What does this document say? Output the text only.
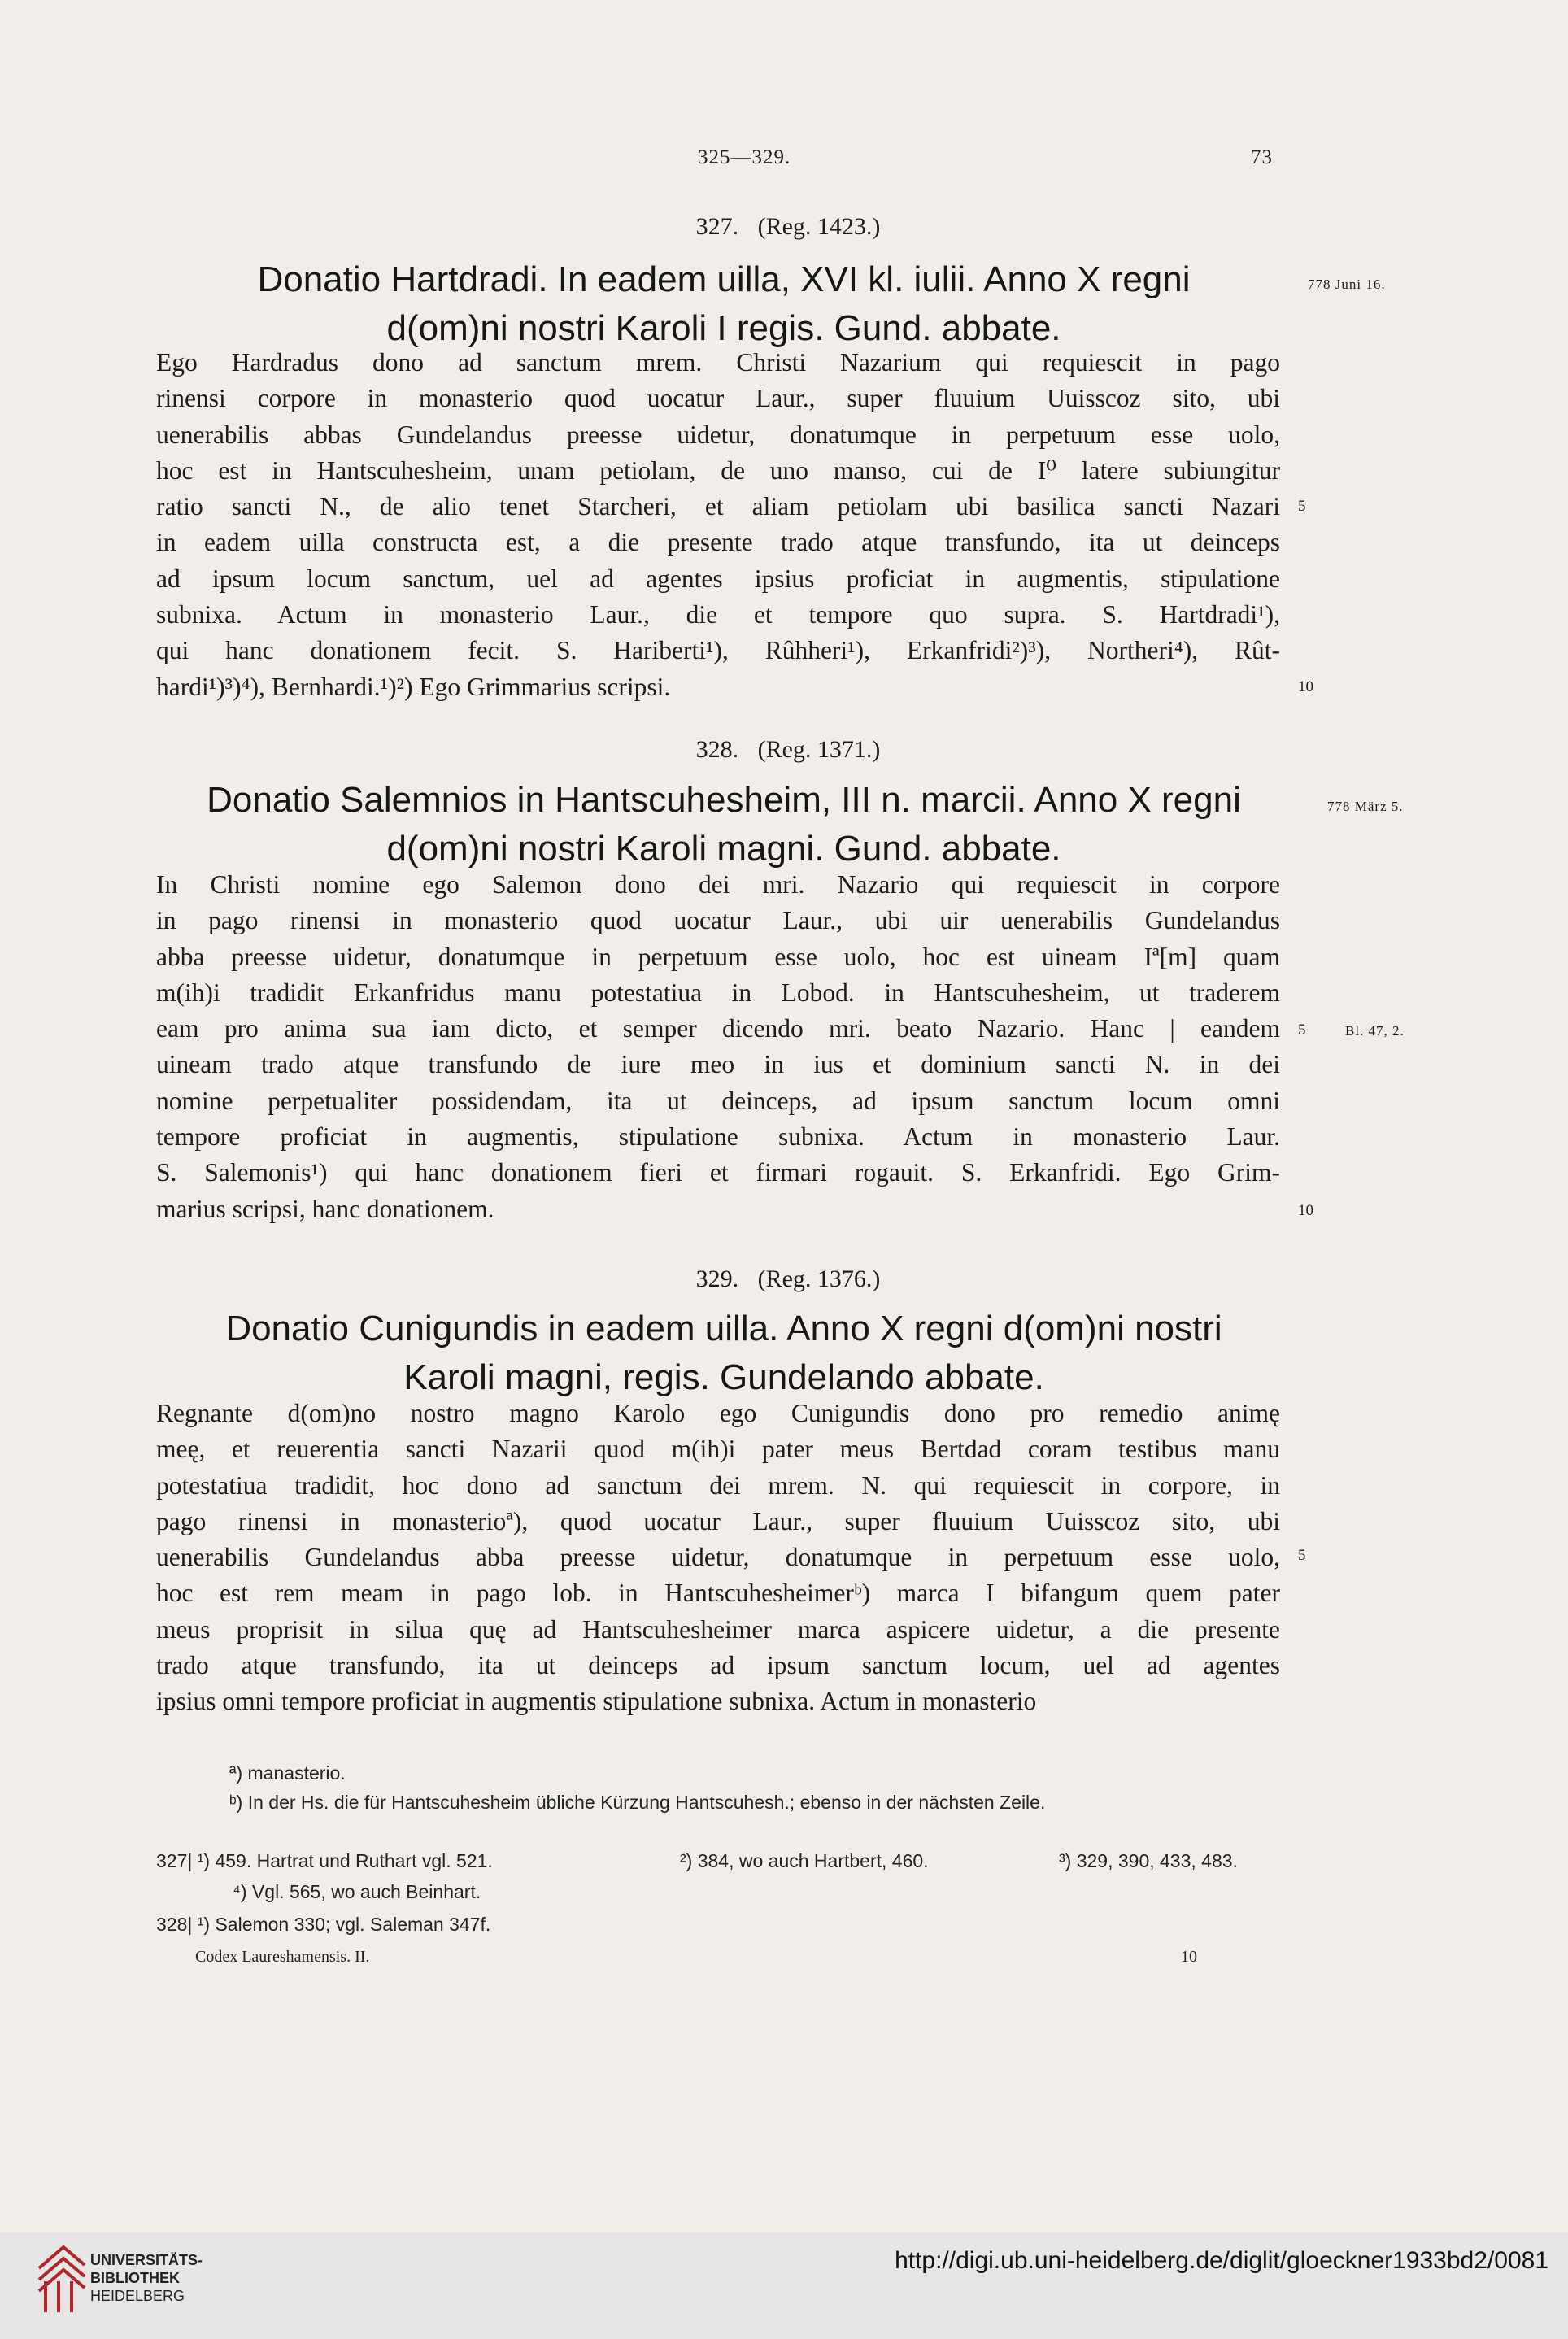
325—329.	73
327. (Reg. 1423.)
Donatio Hartdradi. In eadem uilla, XVI kl. iulii. Anno X regni
d(om)ni nostri Karoli I regis. Gund. abbate.
778 Juni 16.
Ego Hardradus dono ad sanctum mrem. Christi Nazarium qui requiescit in pago
rinensi corpore in monasterio quod uocatur Laur., super fluuium Uuisscoz sito, ubi
uenerabilis abbas Gundelandus preesse uidetur, donatumque in perpetuum esse uolo,
hoc est in Hantscuhesheim, unam petiolam, de uno manso, cui de I⁰ latere subiungitur
ratio sancti N., de alio tenet Starcheri, et aliam petiolam ubi basilica sancti Nazari
in eadem uilla constructa est, a die presente trado atque transfundo, ita ut deinceps
ad ipsum locum sanctum, uel ad agentes ipsius proficiat in augmentis, stipulatione
subnixa. Actum in monasterio Laur., die et tempore quo supra. S. Hartdradi¹),
qui hanc donationem fecit. S. Hariberti¹), Rûhheri¹), Erkanfridi²)³), Northeri⁴), Rût-
hardi¹)³)⁴), Bernhardi.¹)²) Ego Grimmarius scripsi.
5
10
328. (Reg. 1371.)
Donatio Salemnios in Hantscuhesheim, III n. marcii. Anno X regni
d(om)ni nostri Karoli magni. Gund. abbate.
778 März 5.
In Christi nomine ego Salemon dono dei mri. Nazario qui requiescit in corpore
in pago rinensi in monasterio quod uocatur Laur., ubi uir uenerabilis Gundelandus
abba preesse uidetur, donatumque in perpetuum esse uolo, hoc est uineam Iª[m] quam
m(ih)i tradidit Erkanfridus manu potestatiua in Lobod. in Hantscuhesheim, ut traderem
eam pro anima sua iam dicto, et semper dicendo mri. beato Nazario. Hanc | eandem
uineam trado atque transfundo de iure meo in ius et dominium sancti N. in dei
nomine perpetualiter possidendam, ita ut deinceps, ad ipsum sanctum locum omni
tempore proficiat in augmentis, stipulatione subnixa. Actum in monasterio Laur.
S. Salemonis¹) qui hanc donationem fieri et firmari rogauit. S. Erkanfridi. Ego Grim-
marius scripsi, hanc donationem.
5	Bl. 47, 2.
10
329. (Reg. 1376.)
Donatio Cunigundis in eadem uilla. Anno X regni d(om)ni nostri
Karoli magni, regis. Gundelando abbate.
Regnante d(om)no nostro magno Karolo ego Cunigundis dono pro remedio animę
meę, et reuerentia sancti Nazarii quod m(ih)i pater meus Bertdad coram testibus manu
potestatiua tradidit, hoc dono ad sanctum dei mrem. N. qui requiescit in corpore, in
pago rinensi in monasterioª), quod uocatur Laur., super fluuium Uuisscoz sito, ubi
uenerabilis Gundelandus abba preesse uidetur, donatumque in perpetuum esse uolo,
hoc est rem meam in pago lob. in Hantscuhesheimerᵇ) marca I bifangum quem pater
meus proprisit in silua quę ad Hantscuhesheimer marca aspicere uidetur, a die presente
trado atque transfundo, ita ut deinceps ad ipsum sanctum locum, uel ad agentes
ipsius omni tempore proficiat in augmentis stipulatione subnixa. Actum in monasterio
5
ª) manasterio.
ᵇ) In der Hs. die für Hantscuhesheim übliche Kürzung Hantscuhesh.; ebenso in der nächsten Zeile.
327| ¹) 459. Hartrat und Ruthart vgl. 521.	²) 384, wo auch Hartbert, 460.	³) 329, 390, 433, 483.
⁴) Vgl. 565, wo auch Beinhart.
328| ¹) Salemon 330; vgl. Saleman 347f.
Codex Laureshamensis. II.	10
UNIVERSITÄTS-
BIBLIOTHEK
HEIDELBERG
http://digi.ub.uni-heidelberg.de/diglit/gloeckner1933bd2/0081
